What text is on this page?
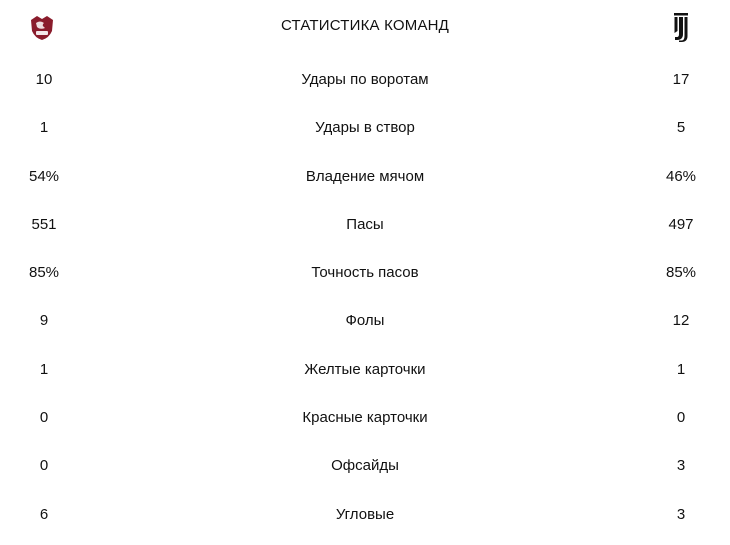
СТАТИСТИКА КОМАНД
10	Удары по воротам	17
1	Удары в створ	5
54%	Владение мячом	46%
551	Пасы	497
85%	Точность пасов	85%
9	Фолы	12
1	Желтые карточки	1
0	Красные карточки	0
0	Офсайды	3
6	Угловые	3
